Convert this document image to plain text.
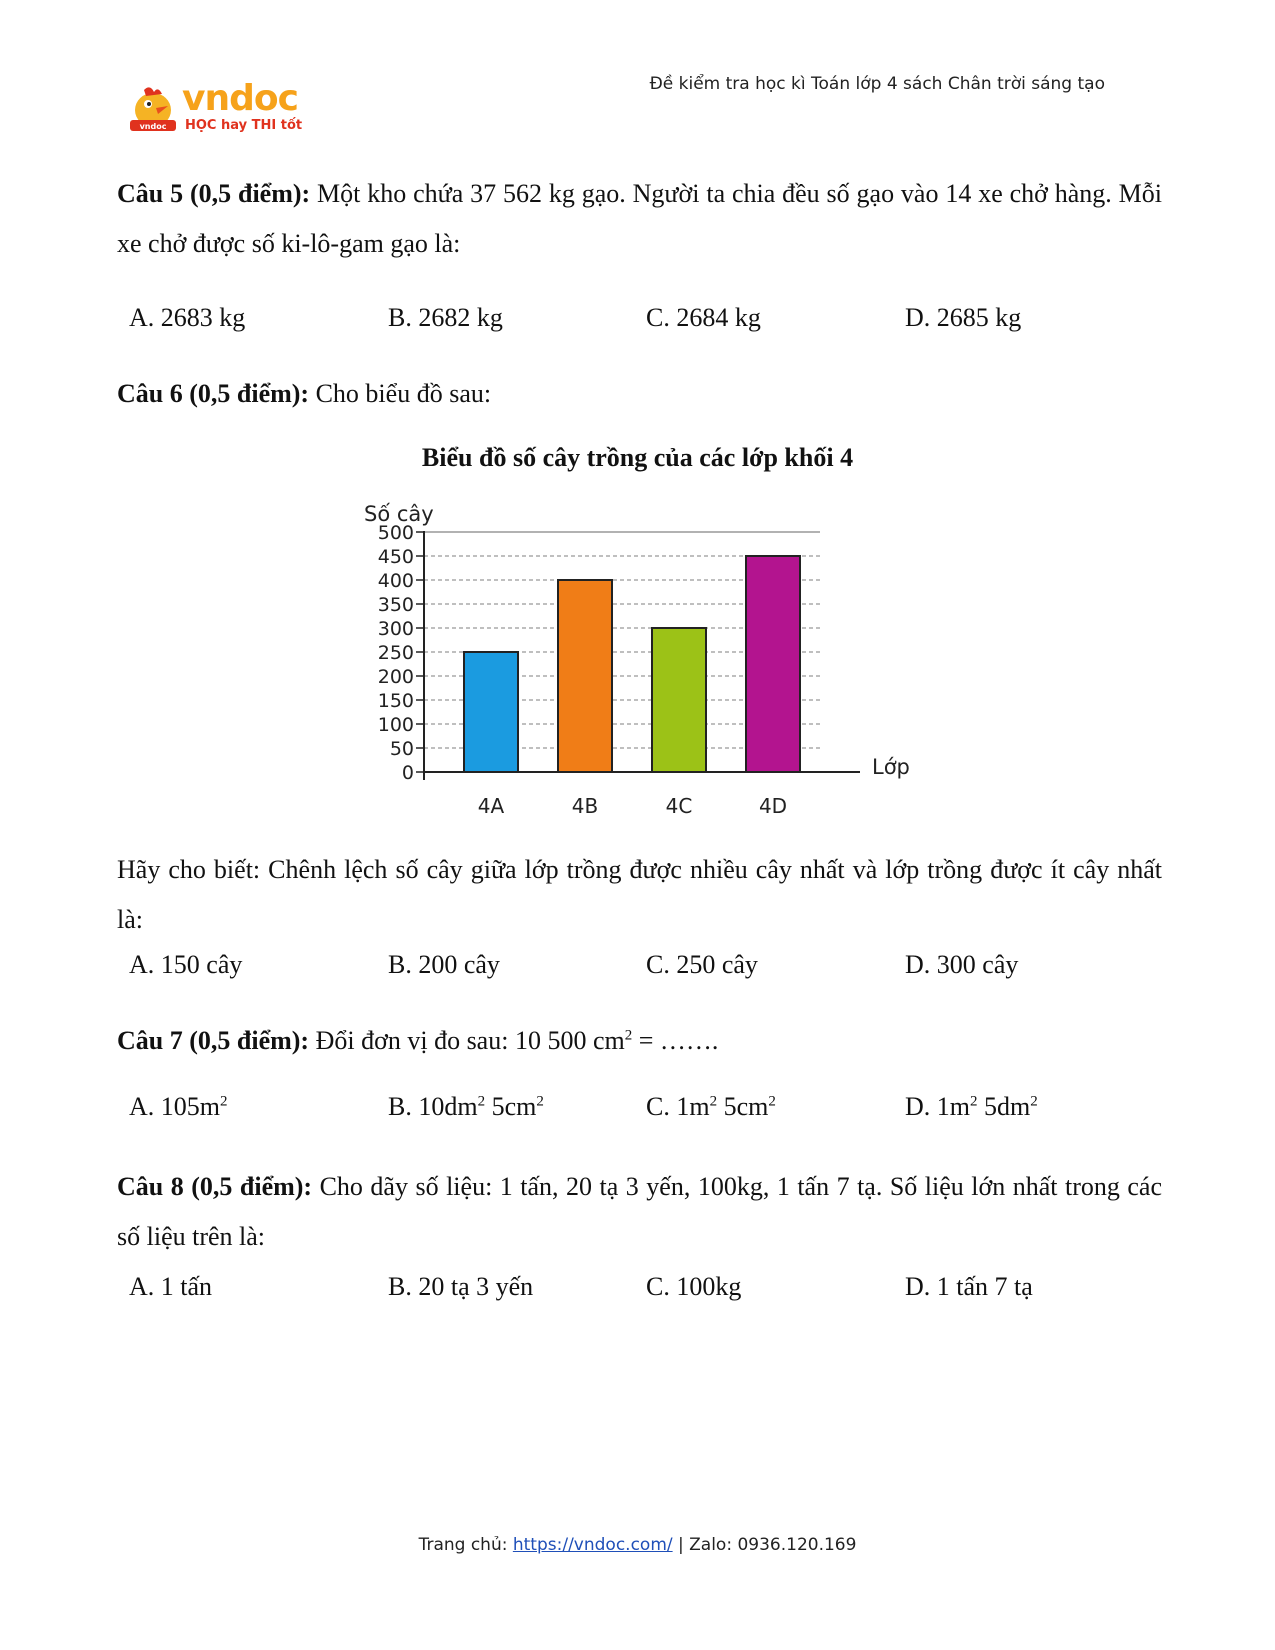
Đề kiểm tra học kì Toán lớp 4 sách Chân trời sáng tạo
vndoc
vndoc
HỌC hay THI tốt
Câu 5 (0,5 điểm): Một kho chứa 37 562 kg gạo. Người ta chia đều số gạo vào 14 xe chở hàng. Mỗi xe chở được số ki-lô-gam gạo là:
A. 2683 kg	B. 2682 kg	C. 2684 kg	D. 2685 kg
Câu 6 (0,5 điểm): Cho biểu đồ sau:
Biểu đồ số cây trồng của các lớp khối 4
Số cây
Lớp
0
50
100
150
200
250
300
350
400
450
500
4A	4B	4C	4D
Hãy cho biết: Chênh lệch số cây giữa lớp trồng được nhiều cây nhất và lớp trồng được ít cây nhất là:
A. 150 cây	B. 200 cây	C. 250 cây	D. 300 cây
Câu 7 (0,5 điểm): Đổi đơn vị đo sau: 10 500 $cm^2$ = …….
A. $105m^2$	B. $10dm^2$ $5cm^2$	C. $1m^2$ $5cm^2$	D. $1m^2$ $5dm^2$
Câu 8 (0,5 điểm): Cho dãy số liệu: 1 tấn, 20 tạ 3 yến, 100kg, 1 tấn 7 tạ. Số liệu lớn nhất trong các số liệu trên là:
A. 1 tấn	B. 20 tạ 3 yến	C. 100kg	D. 1 tấn 7 tạ
Trang chủ: https://vndoc.com/ | Zalo: 0936.120.169
